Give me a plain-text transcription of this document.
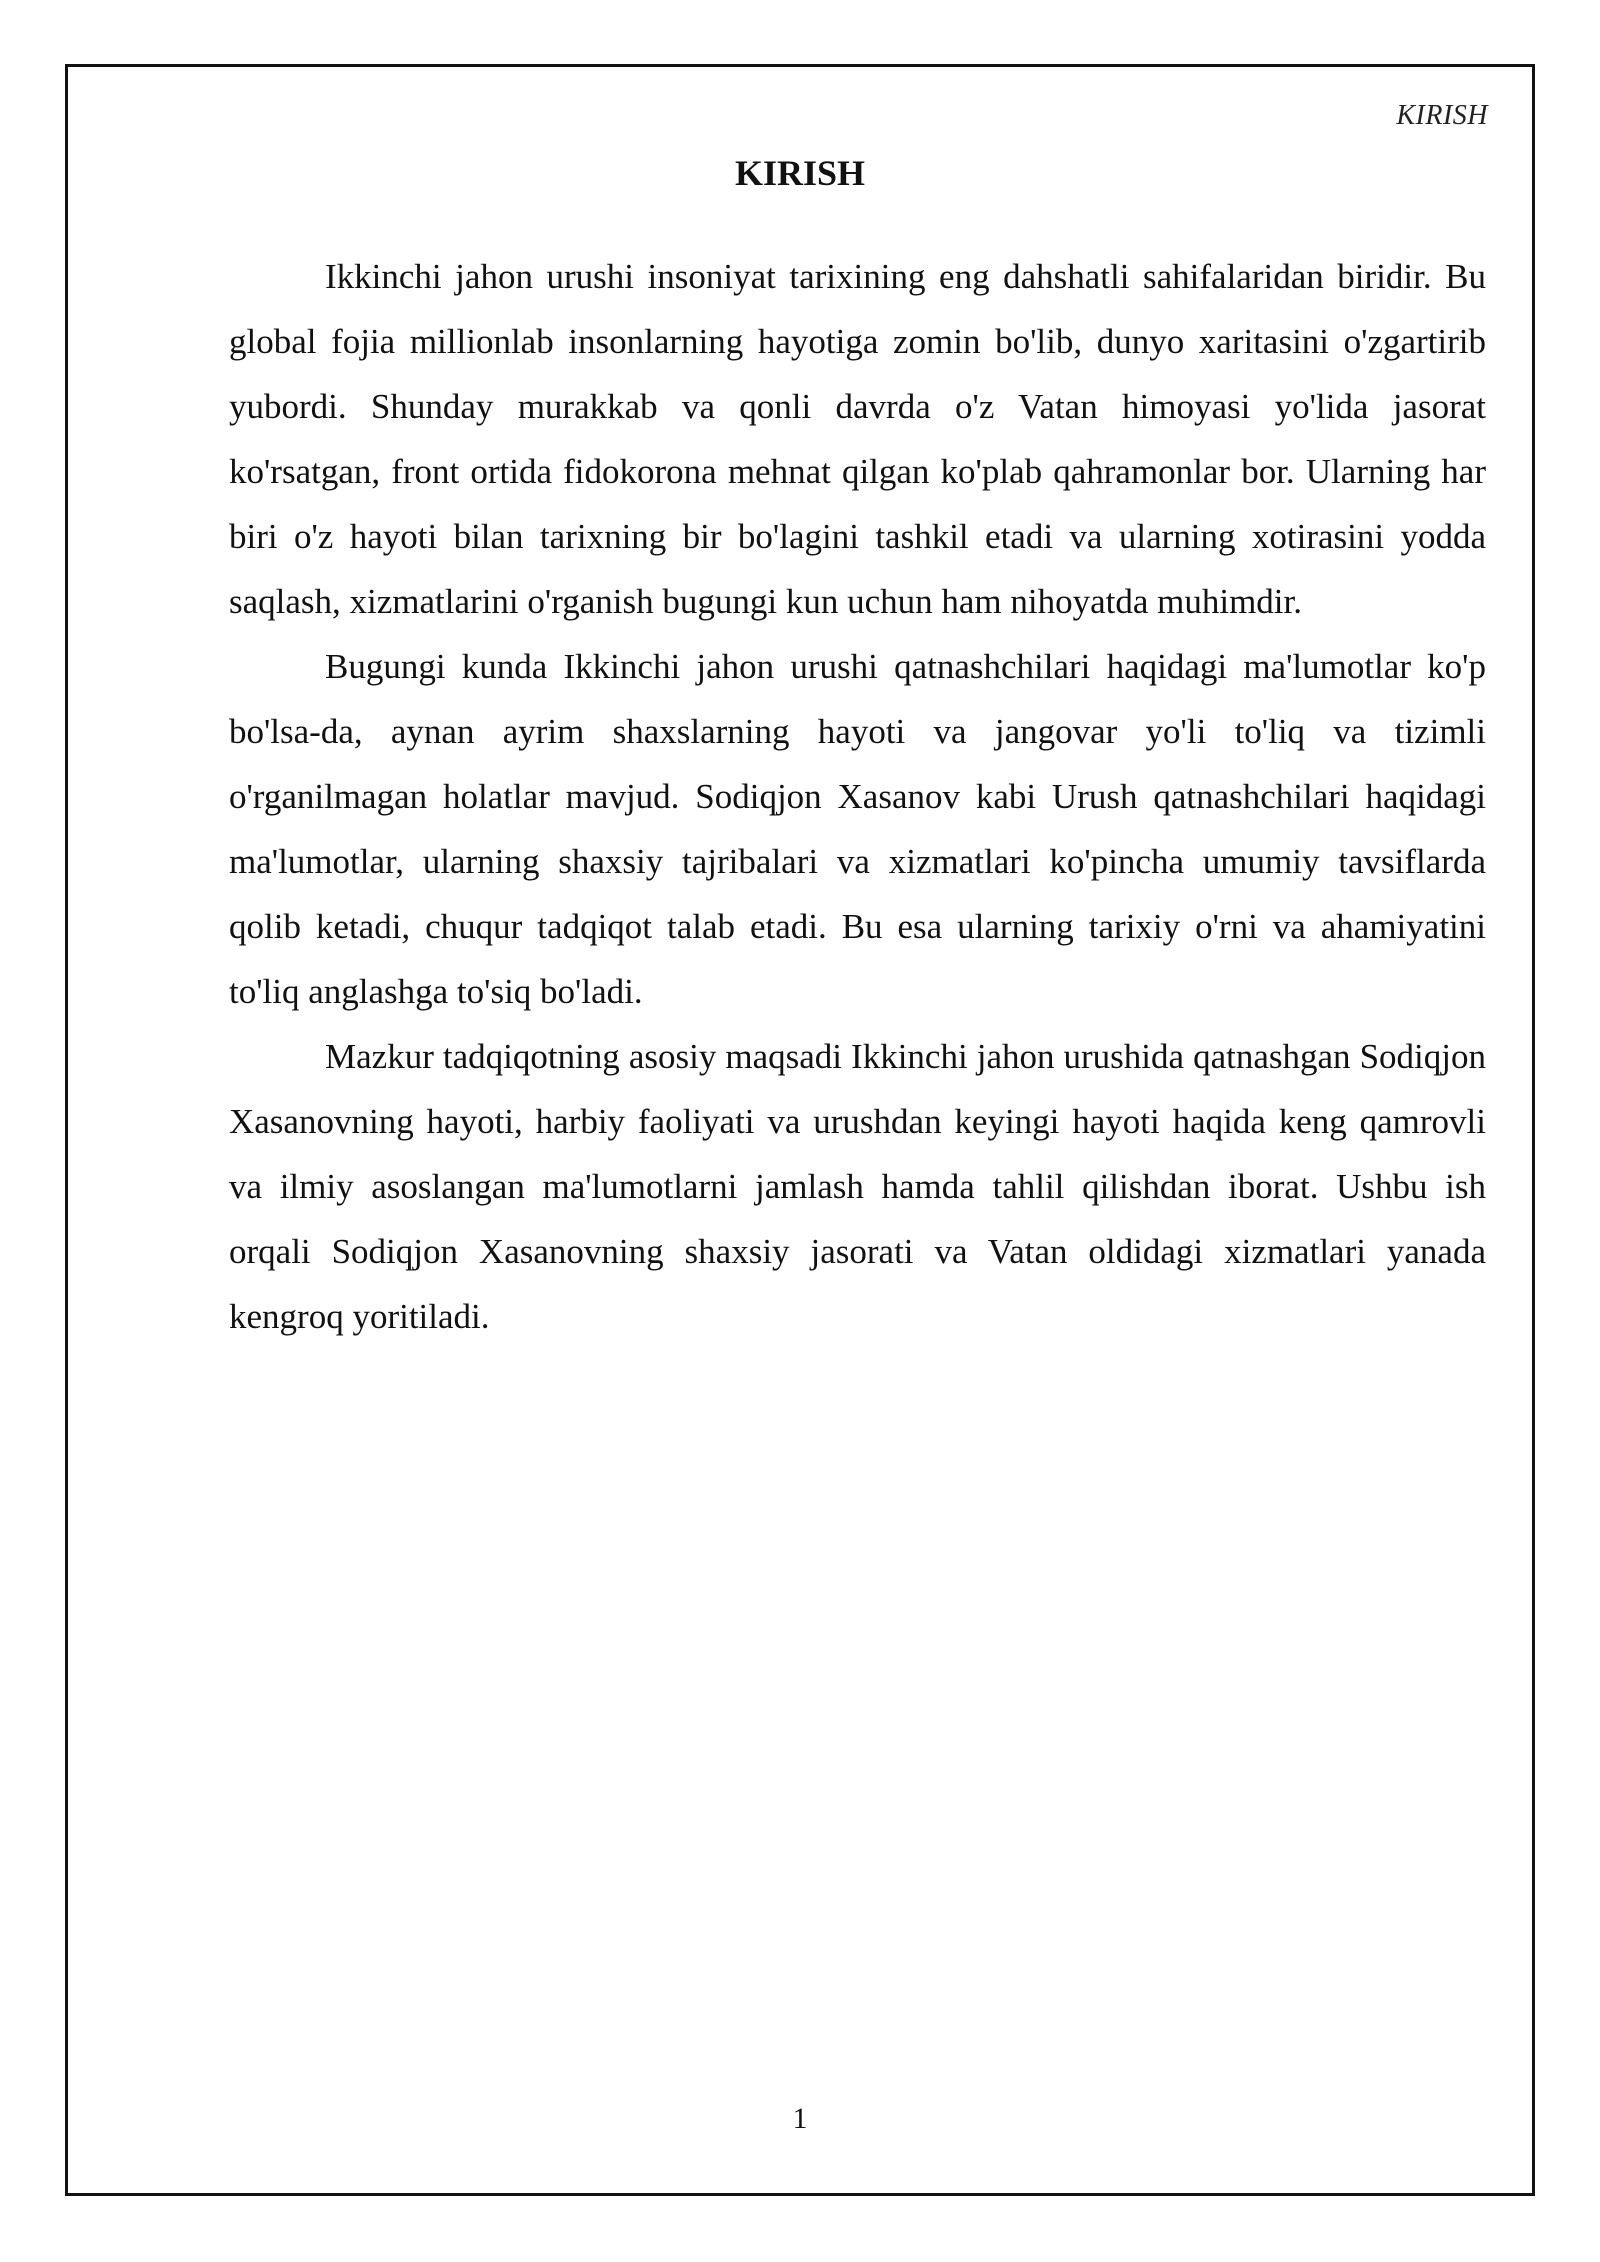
KIRISH
KIRISH

Ikkinchi jahon urushi insoniyat tarixining eng dahshatli sahifalaridan biridir. Bu global fojia millionlab insonlarning hayotiga zomin bo'lib, dunyo xaritasini o'zgartirib yubordi. Shunday murakkab va qonli davrda o'z Vatan himoyasi yo'lida jasorat ko'rsatgan, front ortida fidokorona mehnat qilgan ko'plab qahramonlar bor. Ularning har biri o'z hayoti bilan tarixning bir bo'lagini tashkil etadi va ularning xotirasini yodda saqlash, xizmatlarini o'rganish bugungi kun uchun ham nihoyatda muhimdir.

Bugungi kunda Ikkinchi jahon urushi qatnashchilari haqidagi ma'lumotlar ko'p bo'lsa-da, aynan ayrim shaxslarning hayoti va jangovar yo'li to'liq va tizimli o'rganilmagan holatlar mavjud. Sodiqjon Xasanov kabi Urush qatnashchilari haqidagi ma'lumotlar, ularning shaxsiy tajribalari va xizmatlari ko'pincha umumiy tavsiflarda qolib ketadi, chuqur tadqiqot talab etadi. Bu esa ularning tarixiy o'rni va ahamiyatini to'liq anglashga to'siq bo'ladi.

Mazkur tadqiqotning asosiy maqsadi Ikkinchi jahon urushida qatnashgan Sodiqjon Xasanovning hayoti, harbiy faoliyati va urushdan keyingi hayoti haqida keng qamrovli va ilmiy asoslangan ma'lumotlarni jamlash hamda tahlil qilishdan iborat. Ushbu ish orqali Sodiqjon Xasanovning shaxsiy jasorati va Vatan oldidagi xizmatlari yanada kengroq yoritiladi.

1
